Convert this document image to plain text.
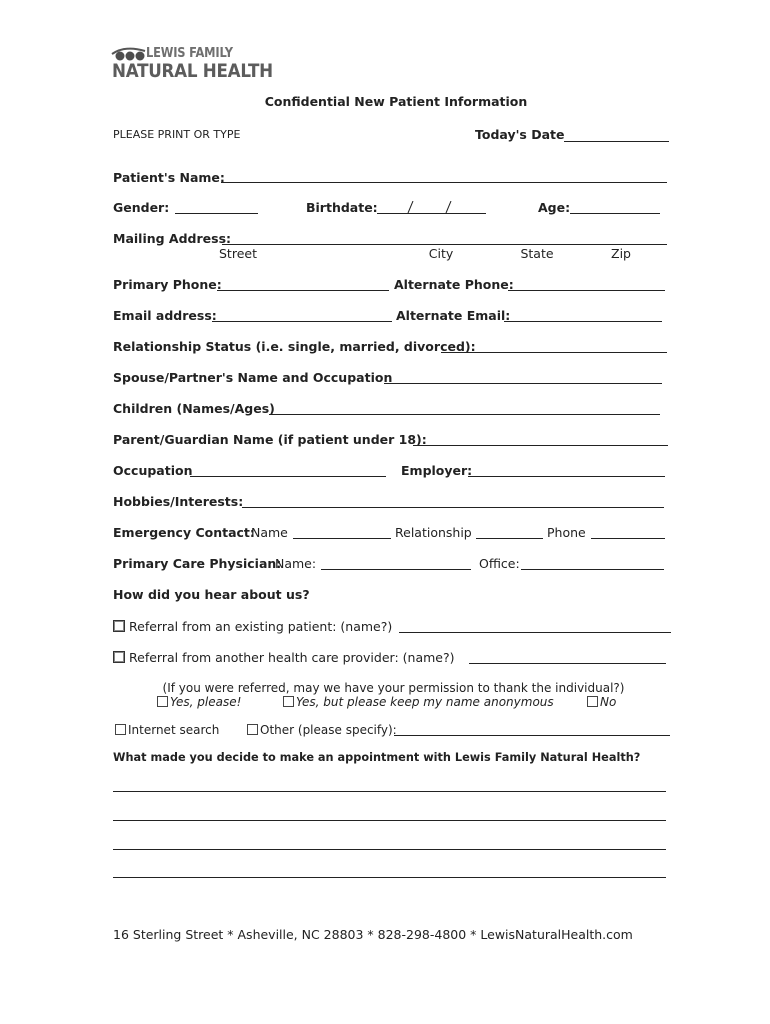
LEWIS FAMILY
NATURAL HEALTH
Confidential New Patient Information
PLEASE PRINT OR TYPE	Today's Date
Patient's Name:
Gender:	Birthdate:	Age:
Mailing Address:
Street	City	State	Zip
Primary Phone:	Alternate Phone:
Email address:	Alternate Email:
Relationship Status (i.e. single, married, divorced):
Spouse/Partner's Name and Occupation
Children (Names/Ages)
Parent/Guardian Name (if patient under 18):
Occupation	Employer:
Hobbies/Interests:
Emergency Contact:
Name	Relationship	Phone
Primary Care Physician:
Name:	Office:
How did you hear about us?
Referral from an existing patient: (name?)
Referral from another health care provider: (name?)
(If you were referred, may we have your permission to thank the individual?)
Yes, please!	Yes, but please keep my name anonymous	No
Internet search	Other (please specify):
What made you decide to make an appointment with Lewis Family Natural Health?
16 Sterling Street * Asheville, NC 28803 * 828-298-4800 * LewisNaturalHealth.com
